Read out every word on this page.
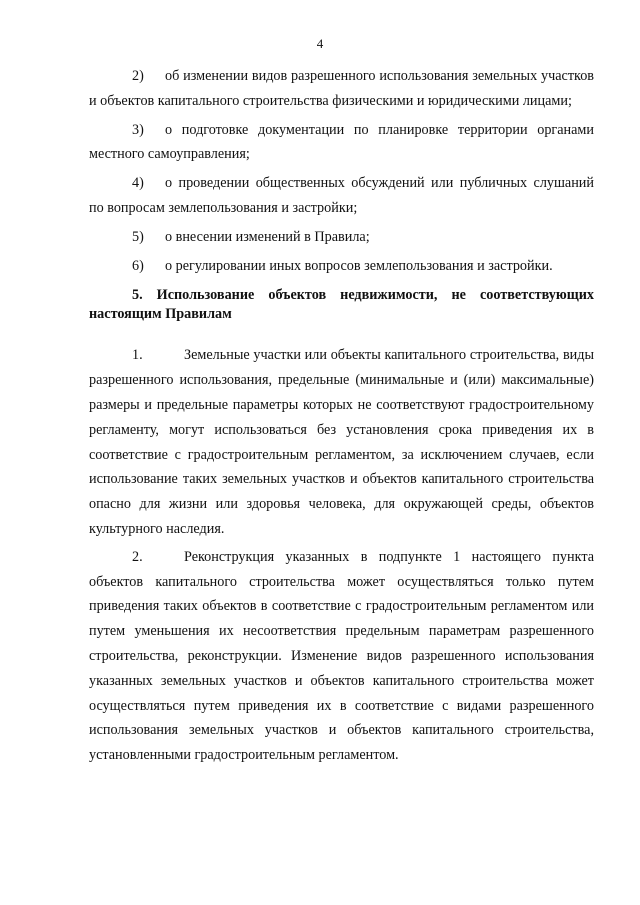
4

2) об изменении видов разрешенного использования земельных участков и объектов капитального строительства физическими и юридическими лицами;

3) о подготовке документации по планировке территории органами местного самоуправления;

4) о проведении общественных обсуждений или публичных слушаний по вопросам землепользования и застройки;

5) о внесении изменений в Правила;

6) о регулировании иных вопросов землепользования и застройки.

5. Использование объектов недвижимости, не соответствующих настоящим Правилам

1.	Земельные участки или объекты капитального строительства, виды разрешенного использования, предельные (минимальные и (или) максимальные) размеры и предельные параметры которых не соответствуют градостроительному регламенту, могут использоваться без установления срока приведения их в соответствие с градостроительным регламентом, за исключением случаев, если использование таких земельных участков и объектов капитального строительства опасно для жизни или здоровья человека, для окружающей среды, объектов культурного наследия.

2.	Реконструкция указанных в подпункте 1 настоящего пункта объектов капитального строительства может осуществляться только путем приведения таких объектов в соответствие с градостроительным регламентом или путем уменьшения их несоответствия предельным параметрам разрешенного строительства, реконструкции. Изменение видов разрешенного использования указанных земельных участков и объектов капитального строительства может осуществляться путем приведения их в соответствие с видами разрешенного использования земельных участков и объектов капитального строительства, установленными градостроительным регламентом.
